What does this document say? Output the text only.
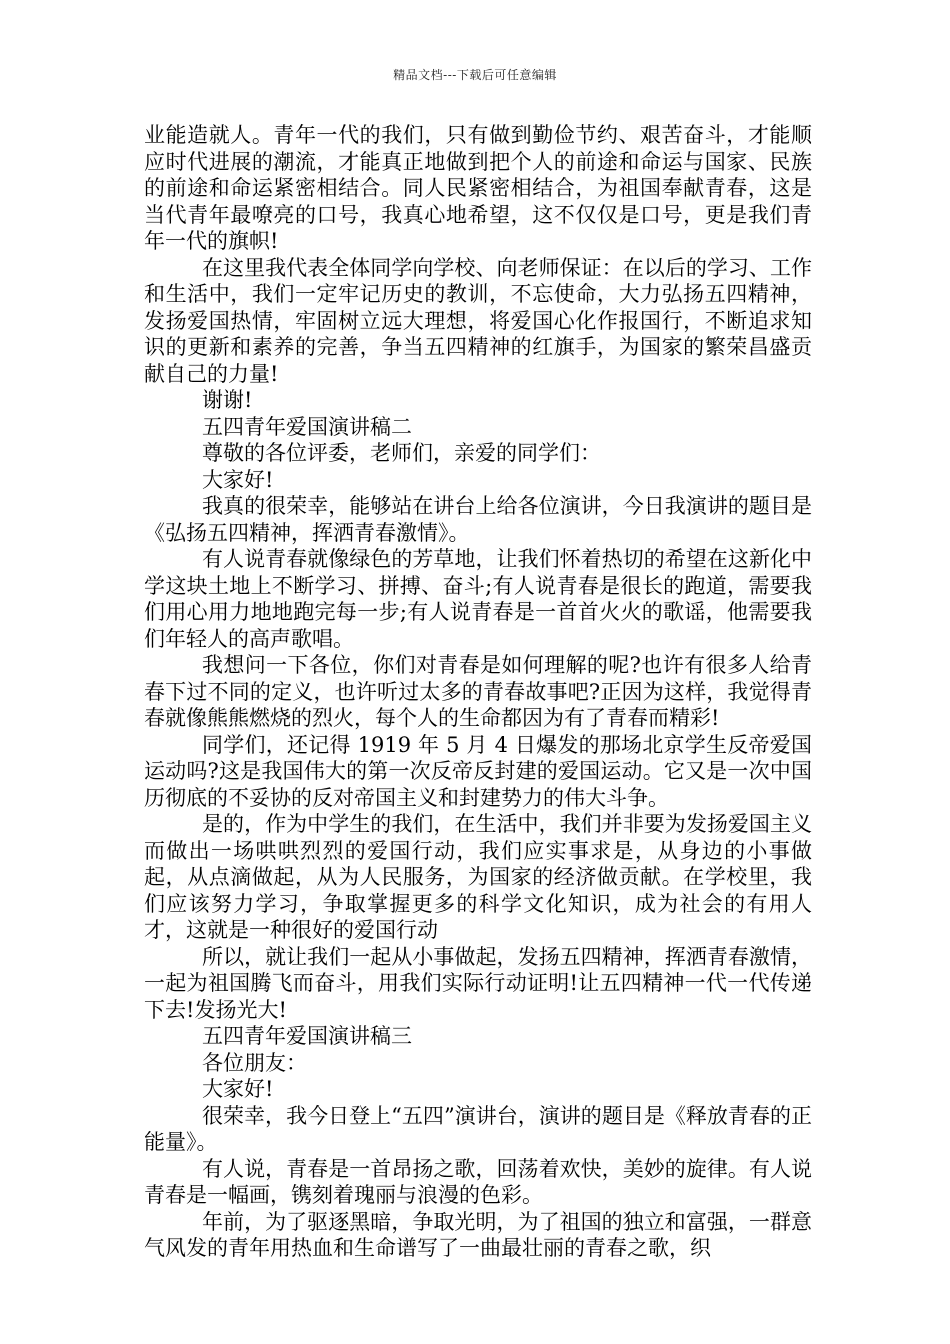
精品文档---下载后可任意编辑

业能造就人。青年一代的我们，只有做到勤俭节约、艰苦奋斗，才能顺应时代进展的潮流，才能真正地做到把个人的前途和命运与国家、民族的前途和命运紧密相结合。同人民紧密相结合，为祖国奉献青春，这是当代青年最嘹亮的口号，我真心地希望，这不仅仅是口号，更是我们青年一代的旗帜!

在这里我代表全体同学向学校、向老师保证：在以后的学习、工作和生活中，我们一定牢记历史的教训，不忘使命，大力弘扬五四精神，发扬爱国热情，牢固树立远大理想，将爱国心化作报国行，不断追求知识的更新和素养的完善，争当五四精神的红旗手，为国家的繁荣昌盛贡献自己的力量!

谢谢!

五四青年爱国演讲稿二

尊敬的各位评委，老师们，亲爱的同学们：

大家好!

我真的很荣幸，能够站在讲台上给各位演讲，今日我演讲的题目是《弘扬五四精神，挥洒青春激情》。

有人说青春就像绿色的芳草地，让我们怀着热切的希望在这新化中学这块土地上不断学习、拼搏、奋斗;有人说青春是很长的跑道，需要我们用心用力地地跑完每一步;有人说青春是一首首火火的歌谣，他需要我们年轻人的高声歌唱。

我想问一下各位，你们对青春是如何理解的呢?也许有很多人给青春下过不同的定义，也许听过太多的青春故事吧?正因为这样，我觉得青春就像熊熊燃烧的烈火，每个人的生命都因为有了青春而精彩!

同学们，还记得 1919 年 5 月 4 日爆发的那场北京学生反帝爱国运动吗?这是我国伟大的第一次反帝反封建的爱国运动。它又是一次中国历彻底的不妥协的反对帝国主义和封建势力的伟大斗争。

是的，作为中学生的我们，在生活中，我们并非要为发扬爱国主义而做出一场哄哄烈烈的爱国行动，我们应实事求是，从身边的小事做起，从点滴做起，从为人民服务，为国家的经济做贡献。在学校里，我们应该努力学习，争取掌握更多的科学文化知识，成为社会的有用人才，这就是一种很好的爱国行动

所以，就让我们一起从小事做起，发扬五四精神，挥洒青春激情，一起为祖国腾飞而奋斗，用我们实际行动证明!让五四精神一代一代传递下去!发扬光大!

五四青年爱国演讲稿三

各位朋友：

大家好!

很荣幸，我今日登上“五四”演讲台，演讲的题目是《释放青春的正能量》。

有人说，青春是一首昂扬之歌，回荡着欢快，美妙的旋律。有人说青春是一幅画，镌刻着瑰丽与浪漫的色彩。

年前，为了驱逐黑暗，争取光明，为了祖国的独立和富强，一群意气风发的青年用热血和生命谱写了一曲最壮丽的青春之歌，织
